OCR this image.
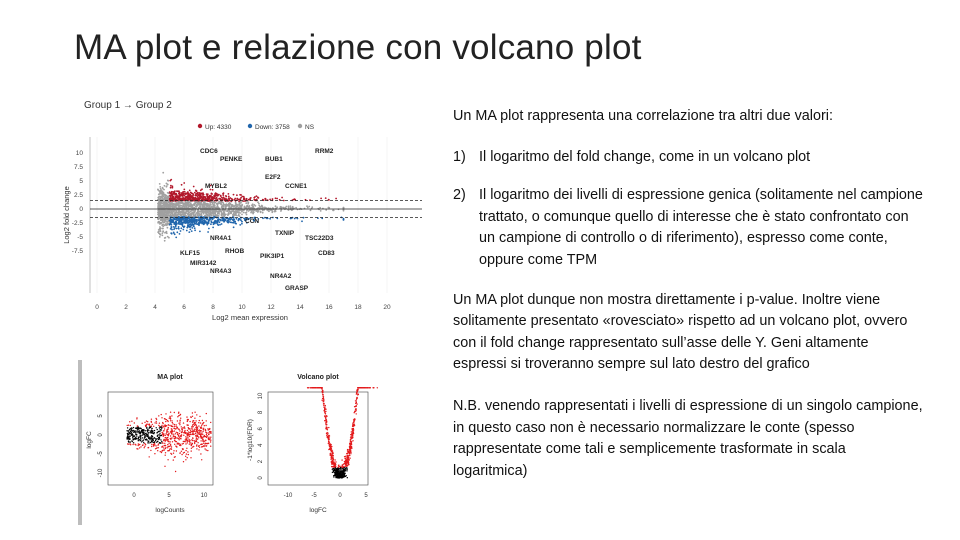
MA plot e relazione con volcano plot
Group 1 → Group 2
Up: 4330	Down: 3758 NS
0	2	4	6	8	10	12	14	16	18	20
10
7.5
5
2.5
0
-2.5
-5
-7.5
Log2 mean expression
Log2 fold change
CDC6
PENKE	BUB1
RRM2
E2F2
CCNE1
MYBL2
CCN
NR4A1
TXNIP
TSC22D3
KLF15	RHOB
MIR3142
PIK3IP1	CD83
NR4A3
NR4A2
GRASP
MA plot
0	5	10
5
0
-5
-10
logCounts
logFC
Volcano plot
-10	-5	0	5
0
2
4
6
8
10
logFC
-1*log10(FDR)

Un MA plot rappresenta una correlazione tra altri due valori:

1) Il logaritmo del fold change, come in un volcano plot
2) Il logaritmo dei livelli di espressione genica (solitamente nel campione trattato, o comunque quello di interesse che è stato confrontato con un campione di controllo o di riferimento), espresso come conte, oppure come TPM

Un MA plot dunque non mostra direttamente i p-value. Inoltre viene solitamente presentato «rovesciato» rispetto ad un volcano plot, ovvero con il fold change rappresentato sull’asse delle Y. Geni altamente espressi si troveranno sempre sul lato destro del grafico

N.B. venendo rappresentati i livelli di espressione di un singolo campione, in questo caso non è necessario normalizzare le conte (spesso rappresentate come tali e semplicemente trasformate in scala logaritmica)
